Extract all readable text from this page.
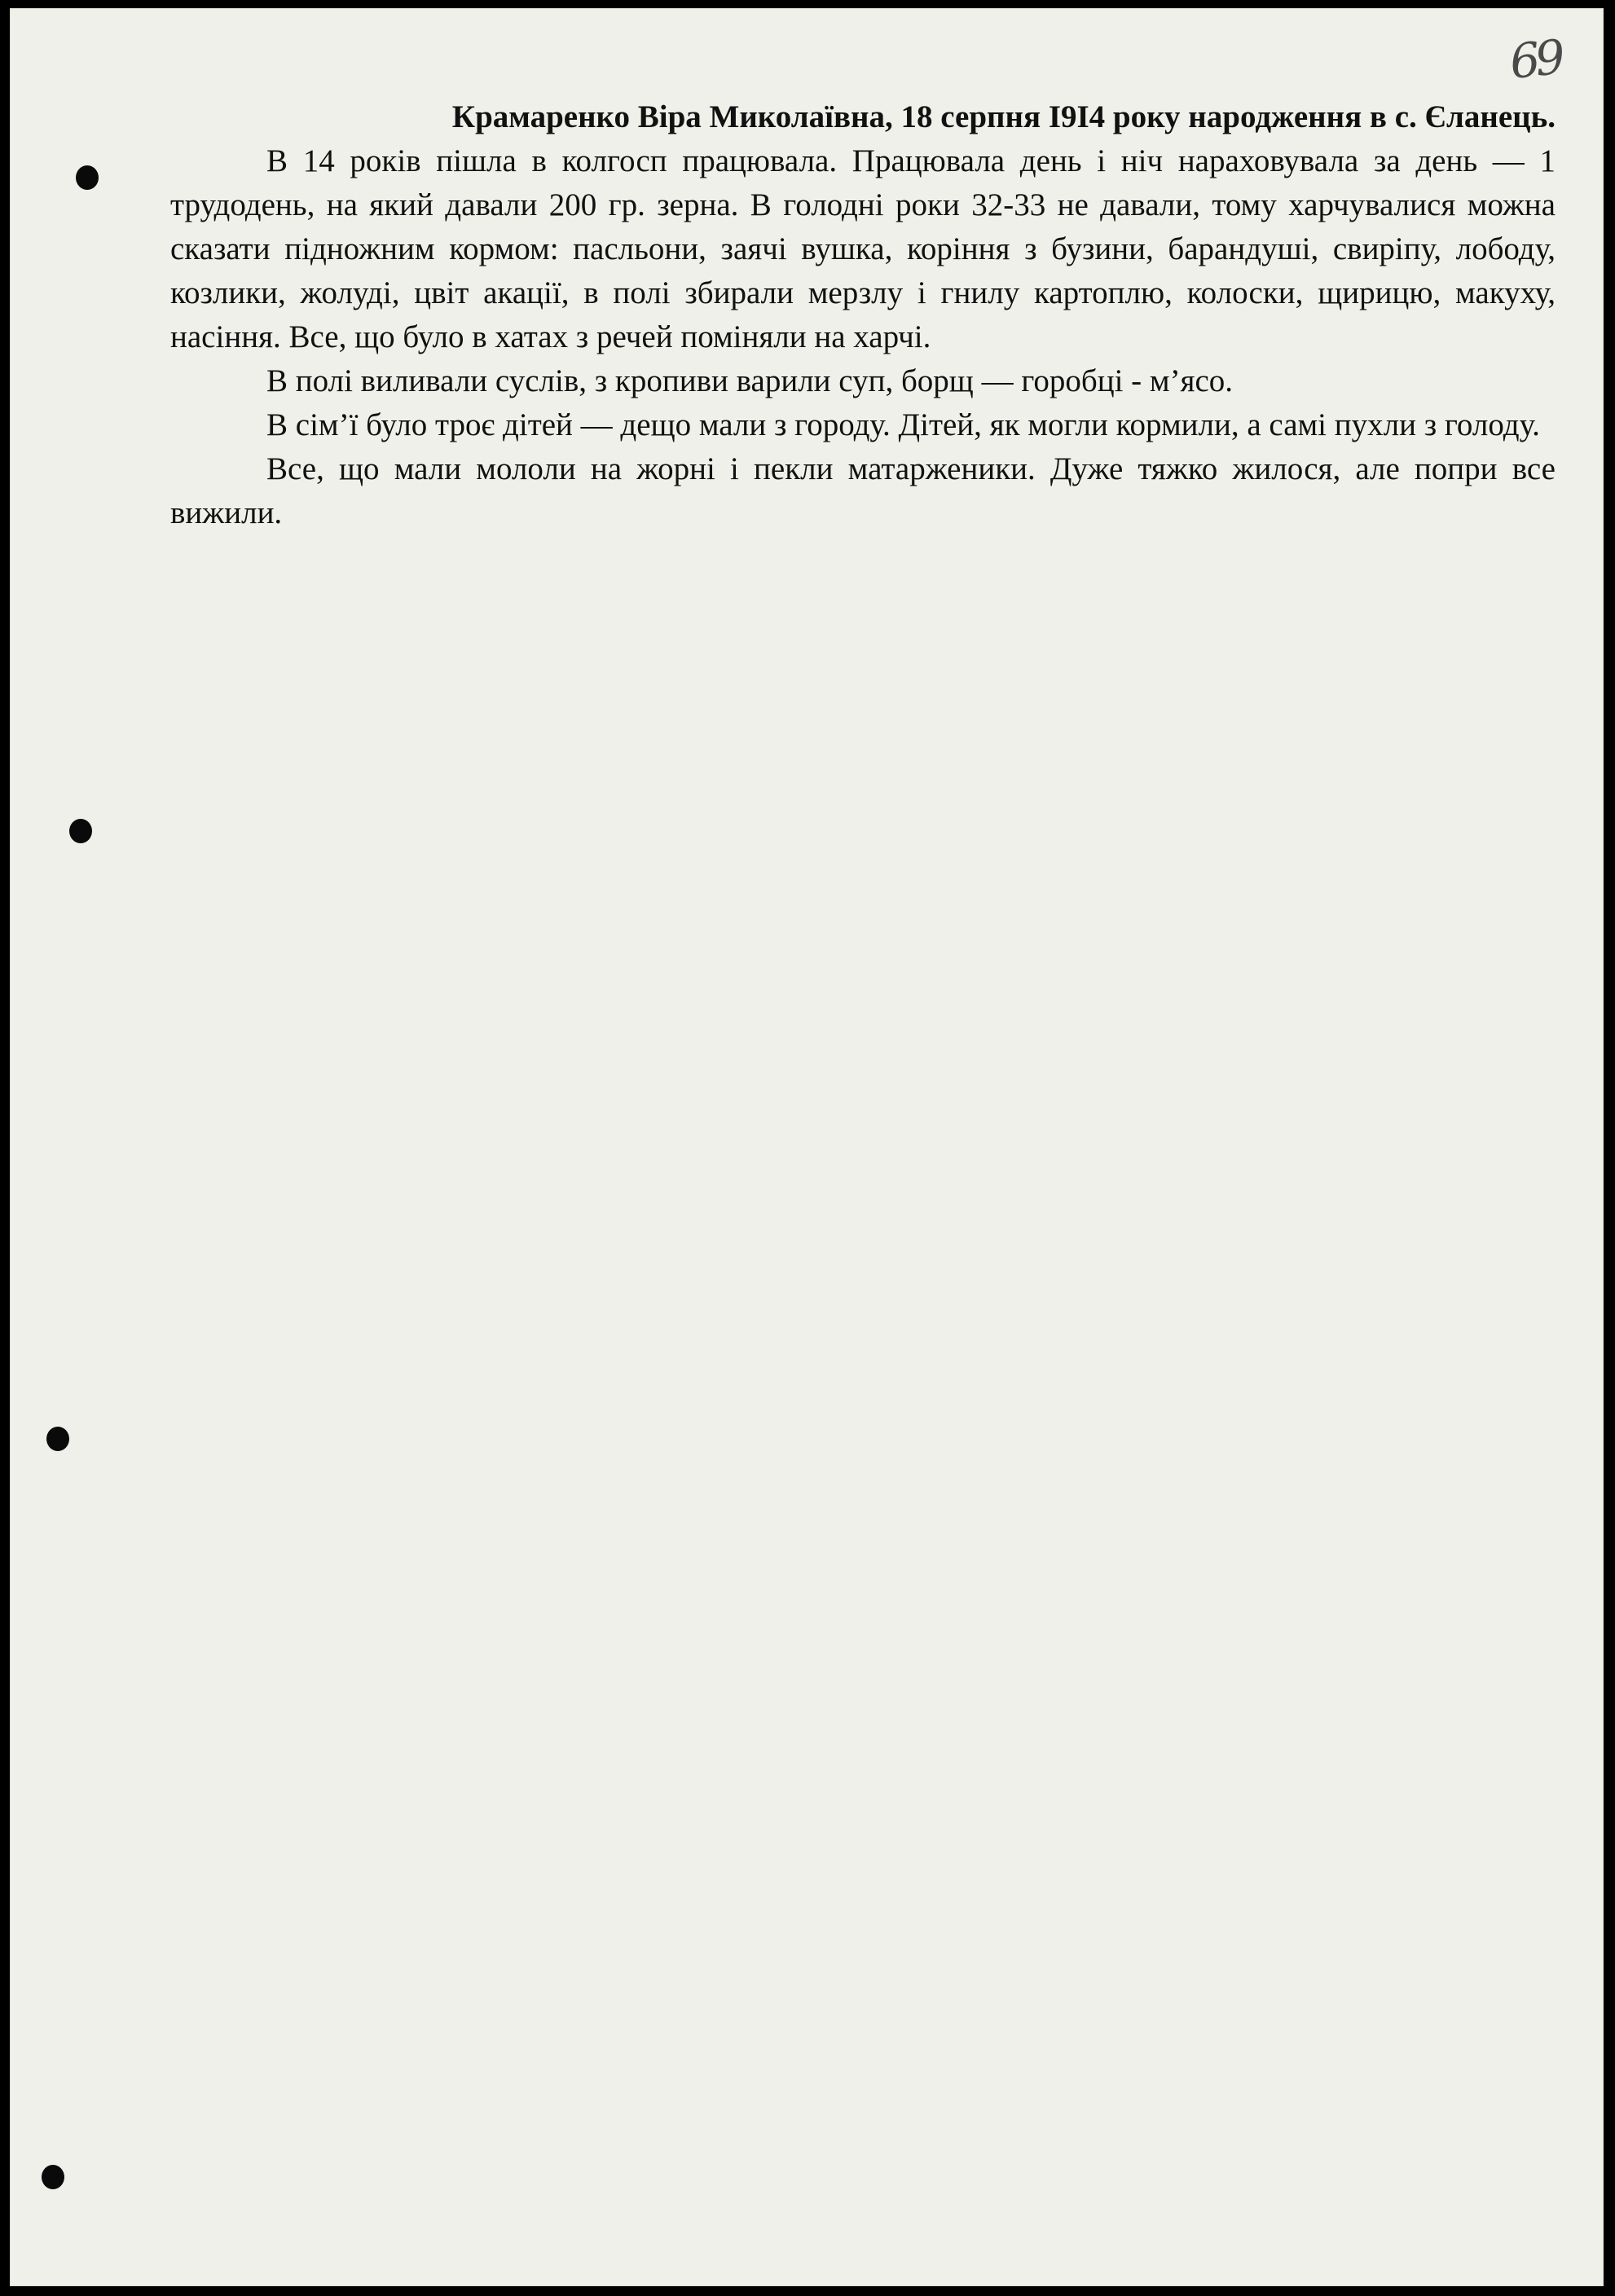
69

Крамаренко Віра Миколаївна, 18 серпня I9I4 року народження в с. Єланець.

В 14 років пішла в колгосп працювала. Працювала день і ніч нараховувала за день — 1 трудодень, на який давали 200 гр. зерна. В голодні роки 32-33 не давали, тому харчувалися можна сказати підножним кормом: пасльони, заячі вушка, коріння з бузини, барандуші, свиріпу, лободу, козлики, жолуді, цвіт акації, в полі збирали мерзлу і гнилу картоплю, колоски, щирицю, макуху, насіння. Все, що було в хатах з речей поміняли на харчі.

В полі виливали суслів, з кропиви варили суп, борщ — горобці - м’ясо.

В сім’ї було троє дітей — дещо мали з городу. Дітей, як могли кормили, а самі пухли з голоду.

Все, що мали мололи на жорні і пекли матарженики. Дуже тяжко жилося, але попри все вижили.
